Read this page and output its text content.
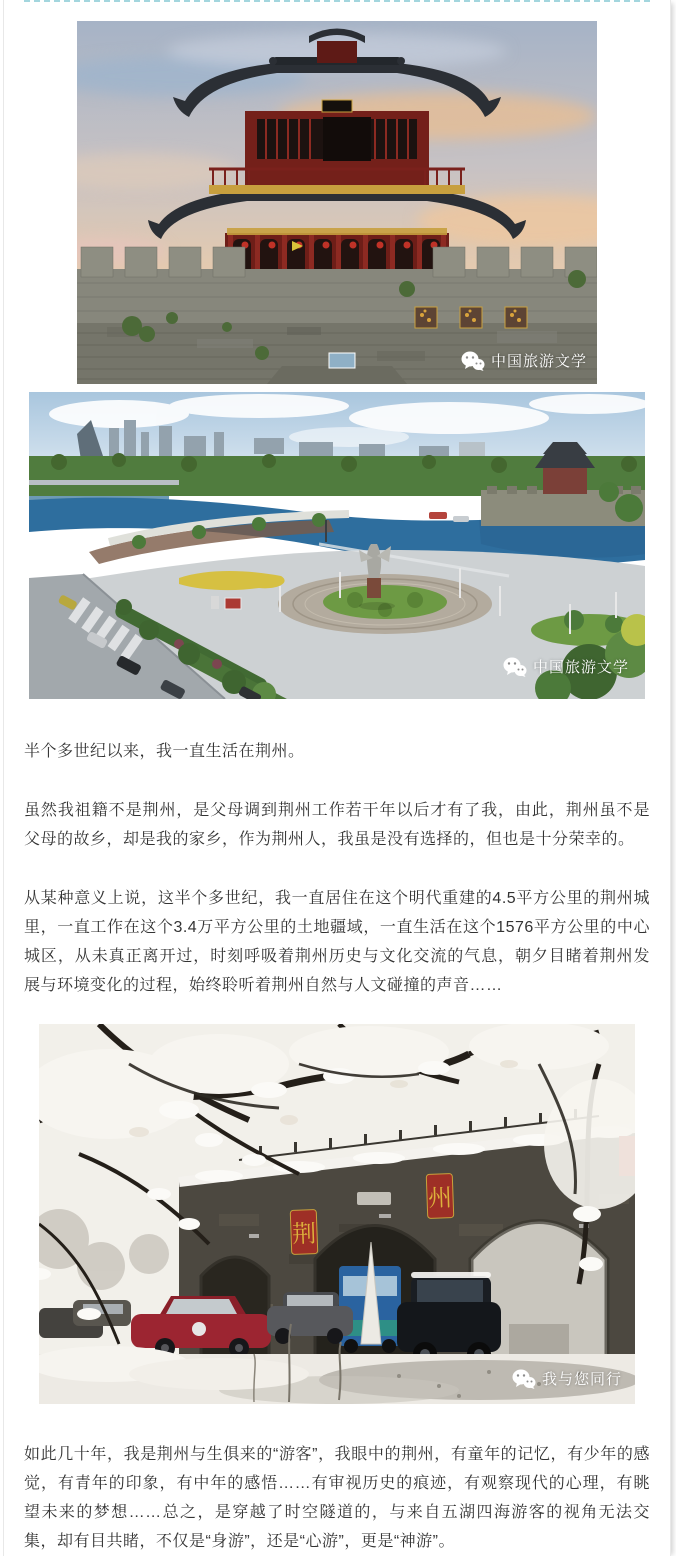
中国旅游文学
中国旅游文学

半个多世纪以来，我一直生活在荆州。

虽然我祖籍不是荆州，是父母调到荆州工作若干年以后才有了我，由此，荆州虽不是父母的故乡，却是我的家乡，作为荆州人，我虽是没有选择的，但也是十分荣幸的。

从某种意义上说，这半个多世纪，我一直居住在这个明代重建的4.5平方公里的荆州城里，一直工作在这个3.4万平方公里的土地疆域，一直生活在这个1576平方公里的中心城区，从未真正离开过，时刻呼吸着荆州历史与文化交流的气息，朝夕目睹着荆州发展与环境变化的过程，始终聆听着荆州自然与人文碰撞的声音……

荆
州
我与您同行

如此几十年，我是荆州与生俱来的“游客”，我眼中的荆州，有童年的记忆，有少年的感觉，有青年的印象，有中年的感悟……有审视历史的痕迹，有观察现代的心理，有眺望未来的梦想……总之，是穿越了时空隧道的，与来自五湖四海游客的视角无法交集，却有目共睹，不仅是“身游”，还是“心游”，更是“神游”。
